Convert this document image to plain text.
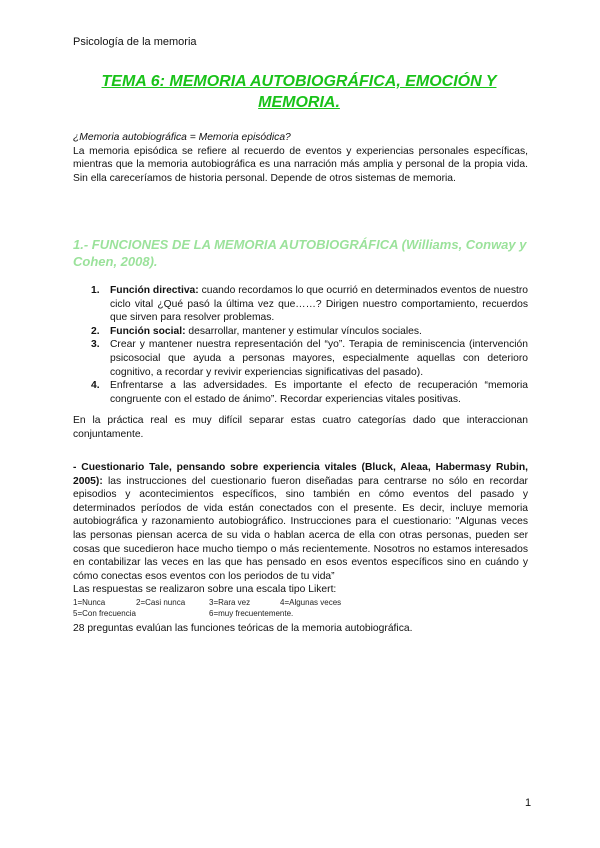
Psicología de la memoria
TEMA 6: MEMORIA AUTOBIOGRÁFICA, EMOCIÓN Y MEMORIA.

¿Memoria autobiográfica = Memoria episódica?

La memoria episódica se refiere al recuerdo de eventos y experiencias personales específicas, mientras que la memoria autobiográfica es una narración más amplia y personal de la propia vida. Sin ella careceríamos de historia personal. Depende de otros sistemas de memoria.

1.- FUNCIONES DE LA MEMORIA AUTOBIOGRÁFICA (Williams, Conway y Cohen, 2008).
1. Función directiva: cuando recordamos lo que ocurrió en determinados eventos de nuestro ciclo vital ¿Qué pasó la última vez que……? Dirigen nuestro comportamiento, recuerdos que sirven para resolver problemas.
2. Función social: desarrollar, mantener y estimular vínculos sociales.
3. Crear y mantener nuestra representación del “yo”. Terapia de reminiscencia (intervención psicosocial que ayuda a personas mayores, especialmente aquellas con deterioro cognitivo, a recordar y revivir experiencias significativas del pasado).
4. Enfrentarse a las adversidades. Es importante el efecto de recuperación “memoria congruente con el estado de ánimo”. Recordar experiencias vitales positivas.

En la práctica real es muy difícil separar estas cuatro categorías dado que interaccionan conjuntamente.

- Cuestionario Tale, pensando sobre experiencia vitales (Bluck, Aleaa, Habermasy Rubin, 2005): las instrucciones del cuestionario fueron diseñadas para centrarse no sólo en recordar episodios y acontecimientos específicos, sino también en cómo eventos del pasado y determinados períodos de vida están conectados con el presente. Es decir, incluye memoria autobiográfica y razonamiento autobiográfico. Instrucciones para el cuestionario: "Algunas veces las personas piensan acerca de su vida o hablan acerca de ella con otras personas, pueden ser cosas que sucedieron hace mucho tiempo o más recientemente. Nosotros no estamos interesados en contabilizar las veces en las que has pensado en esos eventos específicos sino en cuándo y cómo conectas esos eventos con los periodos de tu vida”

Las respuestas se realizaron sobre una escala tipo Likert:

1=Nunca	2=Casi nunca	3=Rara vez	4=Algunas veces
5=Con frecuencia	6=muy frecuentemente.

28 preguntas evalúan las funciones teóricas de la memoria autobiográfica.

1
